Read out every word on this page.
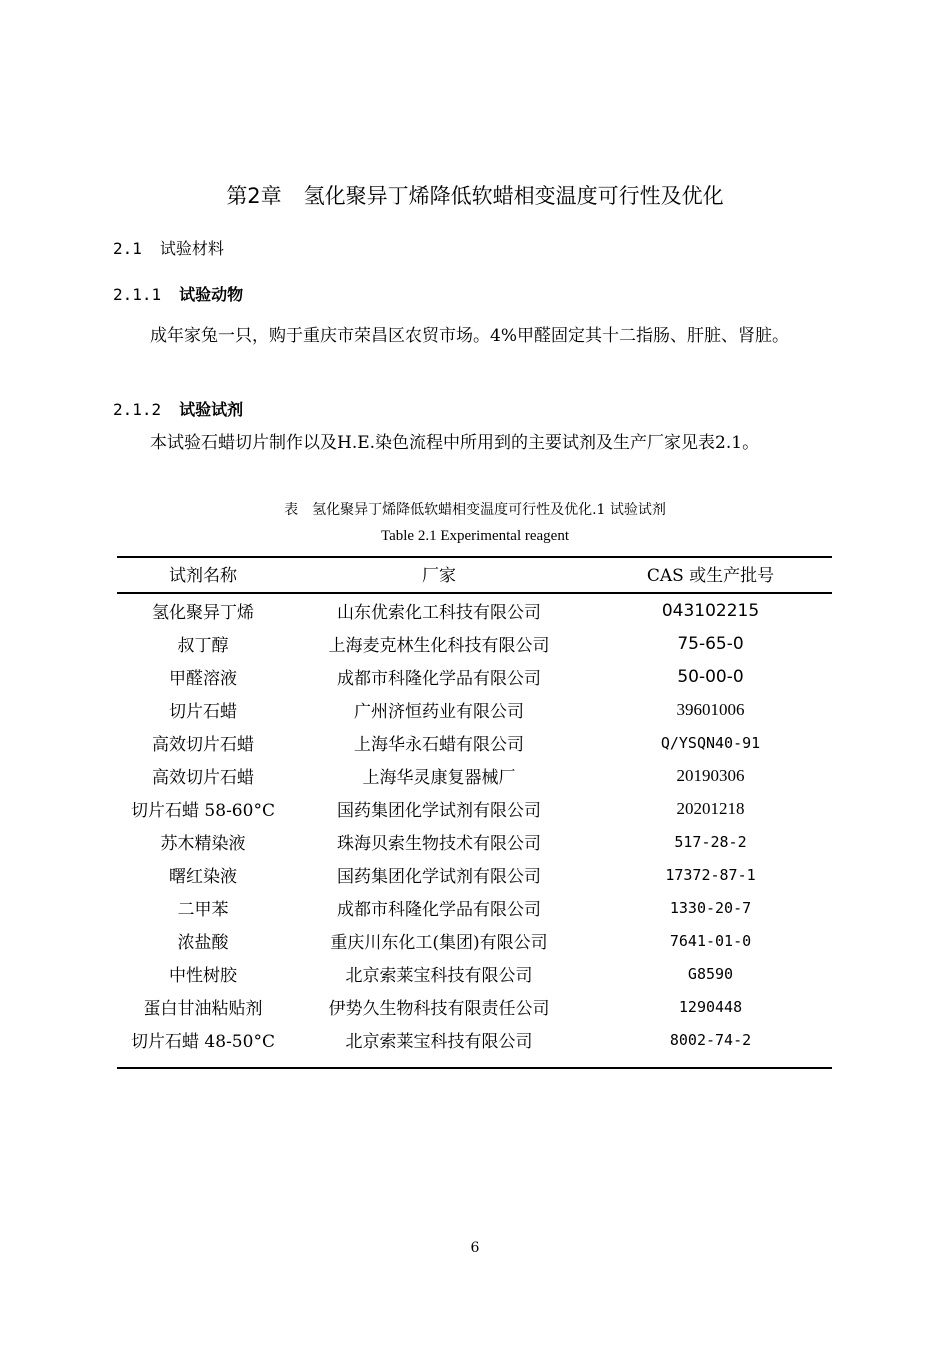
第2章 氢化聚异丁烯降低软蜡相变温度可行性及优化
2.1 试验材料
2.1.1 试验动物
成年家兔一只，购于重庆市荣昌区农贸市场。4%甲醛固定其十二指肠、肝脏、肾脏。
2.1.2 试验试剂
本试验石蜡切片制作以及H.E.染色流程中所用到的主要试剂及生产厂家见表2.1。
表 氢化聚异丁烯降低软蜡相变温度可行性及优化.1 试验试剂
Table 2.1 Experimental reagent
试剂名称	厂家	CAS 或生产批号

氢化聚异丁烯	山东优索化工科技有限公司	043102215
叔丁醇	上海麦克林生化科技有限公司	75-65-0
甲醛溶液	成都市科隆化学品有限公司	50-00-0
切片石蜡	广州济恒药业有限公司	39601006
高效切片石蜡	上海华永石蜡有限公司	Q/YSQN40-91
高效切片石蜡	上海华灵康复器械厂	20190306
切片石蜡 58-60°C	国药集团化学试剂有限公司	20201218
苏木精染液	珠海贝索生物技术有限公司	517-28-2
曙红染液	国药集团化学试剂有限公司	17372-87-1
二甲苯	成都市科隆化学品有限公司	1330-20-7
浓盐酸	重庆川东化工(集团)有限公司	7641-01-0
中性树胶	北京索莱宝科技有限公司	G8590
蛋白甘油粘贴剂	伊势久生物科技有限责任公司	1290448
切片石蜡 48-50°C	北京索莱宝科技有限公司	8002-74-2
6
